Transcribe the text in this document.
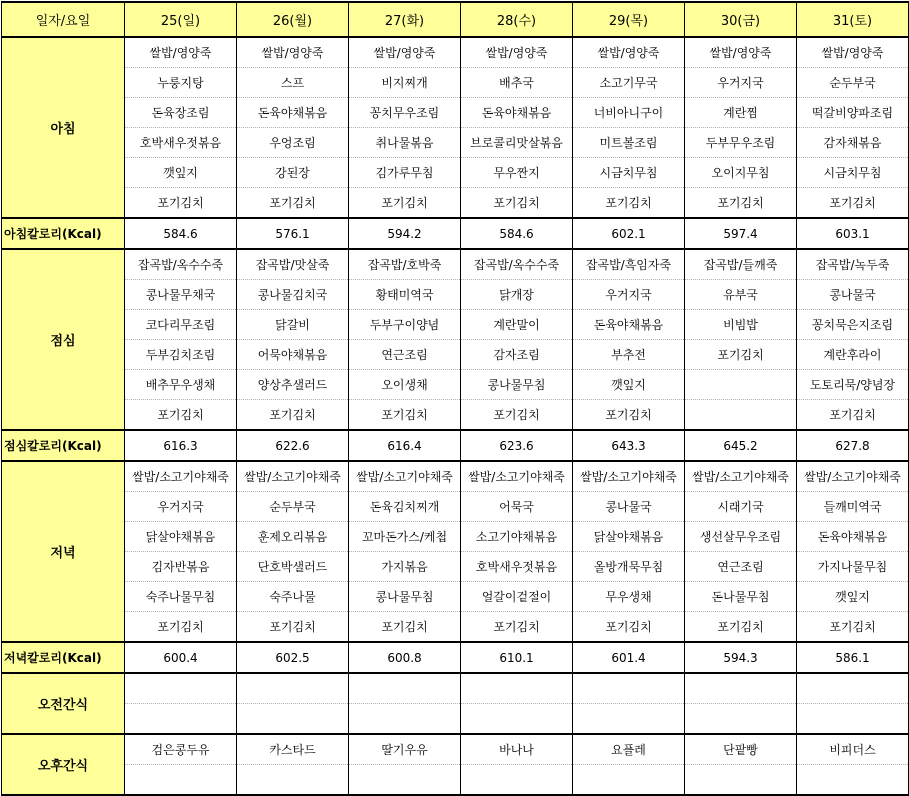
일자/요일	25(일)	26(월)	27(화)	28(수)	29(목)	30(금)	31(토)
아침	쌀밥/영양죽	쌀밥/영양죽	쌀밥/영양죽	쌀밥/영양죽	쌀밥/영양죽	쌀밥/영양죽	쌀밥/영양죽
	누룽지탕	스프	비지찌개	배추국	소고기무국	우거지국	순두부국
	돈육장조림	돈육야채볶음	꽁치무우조림	돈육야채볶음	너비아니구이	계란찜	떡갈비양파조림
	호박새우젓볶음	우엉조림	취나물볶음	브로콜리맛살볶음	미트볼조림	두부무우조림	감자채볶음
	깻잎지	강된장	김가루무침	무우짠지	시금치무침	오이지무침	시금치무침
	포기김치	포기김치	포기김치	포기김치	포기김치	포기김치	포기김치
아침칼로리(Kcal)	584.6	576.1	594.2	584.6	602.1	597.4	603.1
점심	잡곡밥/옥수수죽	잡곡밥/맛살죽	잡곡밥/호박죽	잡곡밥/옥수수죽	잡곡밥/흑임자죽	잡곡밥/들깨죽	잡곡밥/녹두죽
	콩나물무채국	콩나물김치국	황태미역국	닭개장	우거지국	유부국	콩나물국
	코다리무조림	닭갈비	두부구이양념	계란말이	돈육야채볶음	비빔밥	꽁치묵은지조림
	두부김치조림	어묵야채볶음	연근조림	감자조림	부추전	포기김치	계란후라이
	배추무우생채	양상추샐러드	오이생채	콩나물무침	깻잎지		도토리묵/양념장
	포기김치	포기김치	포기김치	포기김치	포기김치		포기김치
점심칼로리(Kcal)	616.3	622.6	616.4	623.6	643.3	645.2	627.8
저녁	쌀밥/소고기야채죽	쌀밥/소고기야채죽	쌀밥/소고기야채죽	쌀밥/소고기야채죽	쌀밥/소고기야채죽	쌀밥/소고기야채죽	쌀밥/소고기야채죽
	우거지국	순두부국	돈육김치찌개	어묵국	콩나물국	시래기국	들깨미역국
	닭살야채볶음	훈제오리볶음	꼬마돈가스/케첩	소고기야채볶음	닭살야채볶음	생선살무우조림	돈육야채볶음
	김자반볶음	단호박샐러드	가지볶음	호박새우젓볶음	올방개묵무침	연근조림	가지나물무침
	숙주나물무침	숙주나물	콩나물무침	얼갈이겉절이	무우생채	돈나물무침	깻잎지
	포기김치	포기김치	포기김치	포기김치	포기김치	포기김치	포기김치
저녁칼로리(Kcal)	600.4	602.5	600.8	610.1	601.4	594.3	586.1
오전간식							

오후간식	검은콩두유	카스타드	딸기우유	바나나	요플레	단팥빵	비피더스
